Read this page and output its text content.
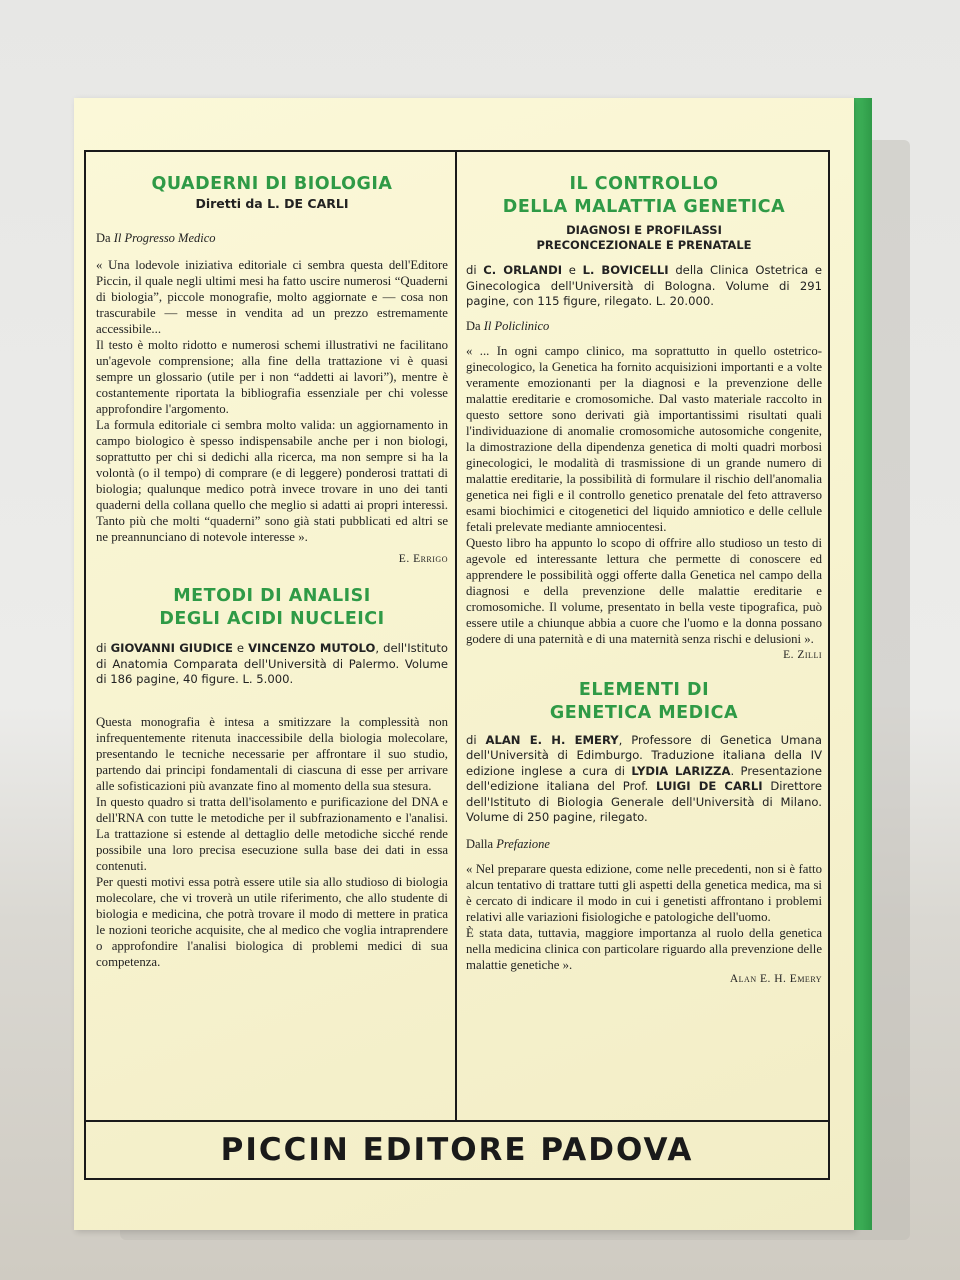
PICCIN EDITORE PADOVA
QUADERNI DI BIOLOGIA

Diretti da L. DE CARLI

Da Il Progresso Medico

« Una lodevole iniziativa editoriale ci sembra questa dell'Editore Piccin, il quale negli ultimi mesi ha fatto uscire numerosi “Quaderni di biologia”, piccole monografie, molto aggiornate e — cosa non trascurabile — messe in vendita ad un prezzo estremamente accessibile...

Il testo è molto ridotto e numerosi schemi illustrativi ne facilitano un'agevole comprensione; alla fine della trattazione vi è quasi sempre un glossario (utile per i non “addetti ai lavori”), mentre è costantemente riportata la bibliografia essenziale per chi volesse approfondire l'argomento.

La formula editoriale ci sembra molto valida: un aggiornamento in campo biologico è spesso indispensabile anche per i non biologi, soprattutto per chi si dedichi alla ricerca, ma non sempre si ha la volontà (o il tempo) di comprare (e di leggere) ponderosi trattati di biologia; qualunque medico potrà invece trovare in uno dei tanti quaderni della collana quello che meglio si adatti ai propri interessi. Tanto più che molti “quaderni” sono già stati pubblicati ed altri se ne preannunciano di notevole interesse ».

E. Errigo

METODI DI ANALISI
DEGLI ACIDI NUCLEICI

di GIOVANNI GIUDICE e VINCENZO MUTOLO, dell'Istituto di Anatomia Comparata dell'Università di Palermo. Volume di 186 pagine, 40 figure. L. 5.000.

Questa monografia è intesa a smitizzare la complessità non infrequentemente ritenuta inaccessibile della biologia molecolare, presentando le tecniche necessarie per affrontare il suo studio, partendo dai principi fondamentali di ciascuna di esse per arrivare alle sofisticazioni più avanzate fino al momento della sua stesura.

In questo quadro si tratta dell'isolamento e purificazione del DNA e dell'RNA con tutte le metodiche per il subfrazionamento e l'analisi. La trattazione si estende al dettaglio delle metodiche sicché rende possibile una loro precisa esecuzione sulla base dei dati in essa contenuti.

Per questi motivi essa potrà essere utile sia allo studioso di biologia molecolare, che vi troverà un utile riferimento, che allo studente di biologia e medicina, che potrà trovare il modo di mettere in pratica le nozioni teoriche acquisite, che al medico che voglia intraprendere o approfondire l'analisi biologica di problemi medici di sua competenza.

IL CONTROLLO
DELLA MALATTIA GENETICA

DIAGNOSI E PROFILASSI
PRECONCEZIONALE E PRENATALE

di C. ORLANDI e L. BOVICELLI della Clinica Ostetrica e Ginecologica dell'Università di Bologna. Volume di 291 pagine, con 115 figure, rilegato. L. 20.000.

Da Il Policlinico

« ... In ogni campo clinico, ma soprattutto in quello ostetrico-ginecologico, la Genetica ha fornito acquisizioni importanti e a volte veramente emozionanti per la diagnosi e la prevenzione delle malattie ereditarie e cromosomiche. Dal vasto materiale raccolto in questo settore sono derivati già importantissimi risultati quali l'individuazione di anomalie cromosomiche autosomiche congenite, la dimostrazione della dipendenza genetica di molti quadri morbosi ginecologici, le modalità di trasmissione di un grande numero di malattie ereditarie, la possibilità di formulare il rischio dell'anomalia genetica nei figli e il controllo genetico prenatale del feto attraverso esami biochimici e citogenetici del liquido amniotico e delle cellule fetali prelevate mediante amniocentesi.

Questo libro ha appunto lo scopo di offrire allo studioso un testo di agevole ed interessante lettura che permette di conoscere ed apprendere le possibilità oggi offerte dalla Genetica nel campo della diagnosi e della prevenzione delle malattie ereditarie e cromosomiche. Il volume, presentato in bella veste tipografica, può essere utile a chiunque abbia a cuore che l'uomo e la donna possano godere di una paternità e di una maternità senza rischi e delusioni ».

E. Zilli

ELEMENTI DI
GENETICA MEDICA

di ALAN E. H. EMERY, Professore di Genetica Umana dell'Università di Edimburgo. Traduzione italiana della IV edizione inglese a cura di LYDIA LARIZZA. Presentazione dell'edizione italiana del Prof. LUIGI DE CARLI Direttore dell'Istituto di Biologia Generale dell'Università di Milano. Volume di 250 pagine, rilegato.

Dalla Prefazione

« Nel preparare questa edizione, come nelle precedenti, non si è fatto alcun tentativo di trattare tutti gli aspetti della genetica medica, ma si è cercato di indicare il modo in cui i genetisti affrontano i problemi relativi alle variazioni fisiologiche e patologiche dell'uomo.

È stata data, tuttavia, maggiore importanza al ruolo della genetica nella medicina clinica con particolare riguardo alla prevenzione delle malattie genetiche ».

Alan E. H. Emery
